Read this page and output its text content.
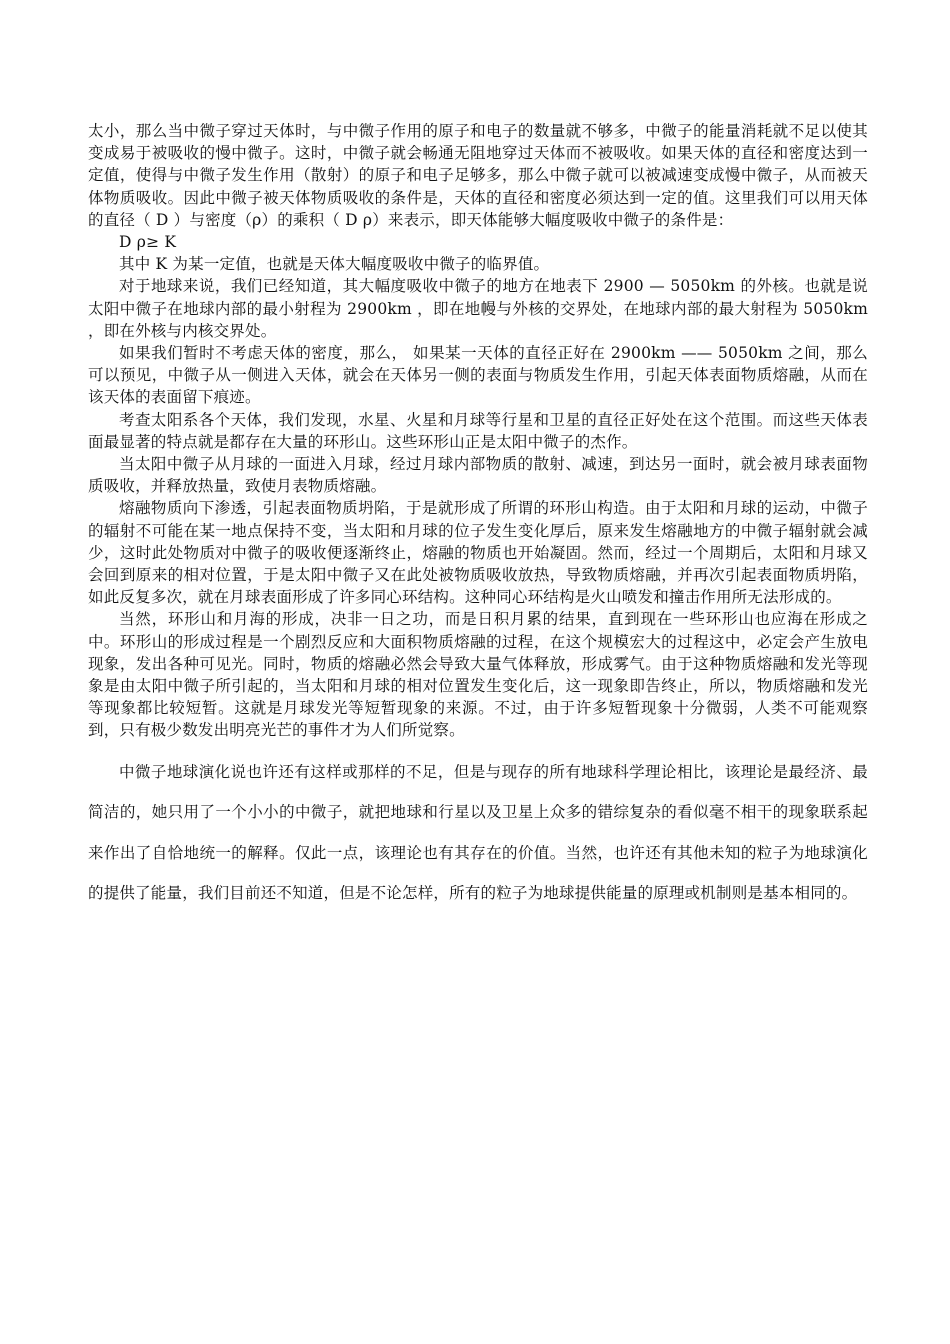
太小，那么当中微子穿过天体时，与中微子作用的原子和电子的数量就不够多，中微子的能量消耗就不足以使其变成易于被吸收的慢中微子。这时，中微子就会畅通无阻地穿过天体而不被吸收。如果天体的直径和密度达到一定值，使得与中微子发生作用（散射）的原子和电子足够多，那么中微子就可以被减速变成慢中微子，从而被天体物质吸收。因此中微子被天体物质吸收的条件是，天体的直径和密度必须达到一定的值。这里我们可以用天体的直径（ D ）与密度（ρ）的乘积（ D ρ）来表示，即天体能够大幅度吸收中微子的条件是：

D ρ≥ K

其中 K 为某一定值，也就是天体大幅度吸收中微子的临界值。

对于地球来说，我们已经知道，其大幅度吸收中微子的地方在地表下 2900 — 5050km 的外核。也就是说太阳中微子在地球内部的最小射程为 2900km ，即在地幔与外核的交界处，在地球内部的最大射程为 5050km ，即在外核与内核交界处。

如果我们暂时不考虑天体的密度，那么， 如果某一天体的直径正好在 2900km —— 5050km 之间，那么可以预见，中微子从一侧进入天体，就会在天体另一侧的表面与物质发生作用，引起天体表面物质熔融，从而在该天体的表面留下痕迹。

考查太阳系各个天体，我们发现，水星、火星和月球等行星和卫星的直径正好处在这个范围。而这些天体表面最显著的特点就是都存在大量的环形山。这些环形山正是太阳中微子的杰作。

当太阳中微子从月球的一面进入月球，经过月球内部物质的散射、减速，到达另一面时，就会被月球表面物质吸收，并释放热量，致使月表物质熔融。

熔融物质向下渗透，引起表面物质坍陷，于是就形成了所谓的环形山构造。由于太阳和月球的运动，中微子的辐射不可能在某一地点保持不变，当太阳和月球的位子发生变化厚后，原来发生熔融地方的中微子辐射就会减少，这时此处物质对中微子的吸收便逐渐终止，熔融的物质也开始凝固。然而，经过一个周期后，太阳和月球又会回到原来的相对位置，于是太阳中微子又在此处被物质吸收放热，导致物质熔融，并再次引起表面物质坍陷，如此反复多次，就在月球表面形成了许多同心环结构。这种同心环结构是火山喷发和撞击作用所无法形成的。

当然，环形山和月海的形成，决非一日之功，而是日积月累的结果，直到现在一些环形山也应海在形成之中。环形山的形成过程是一个剧烈反应和大面积物质熔融的过程，在这个规模宏大的过程这中，必定会产生放电现象，发出各种可见光。同时，物质的熔融必然会导致大量气体释放，形成雾气。由于这种物质熔融和发光等现象是由太阳中微子所引起的，当太阳和月球的相对位置发生变化后，这一现象即告终止，所以，物质熔融和发光等现象都比较短暂。这就是月球发光等短暂现象的来源。不过，由于许多短暂现象十分微弱，人类不可能观察到，只有极少数发出明亮光芒的事件才为人们所觉察。

中微子地球演化说也许还有这样或那样的不足，但是与现存的所有地球科学理论相比，该理论是最经济、最简洁的，她只用了一个小小的中微子，就把地球和行星以及卫星上众多的错综复杂的看似毫不相干的现象联系起来作出了自恰地统一的解释。仅此一点，该理论也有其存在的价值。当然，也许还有其他未知的粒子为地球演化的提供了能量，我们目前还不知道，但是不论怎样，所有的粒子为地球提供能量的原理或机制则是基本相同的。
